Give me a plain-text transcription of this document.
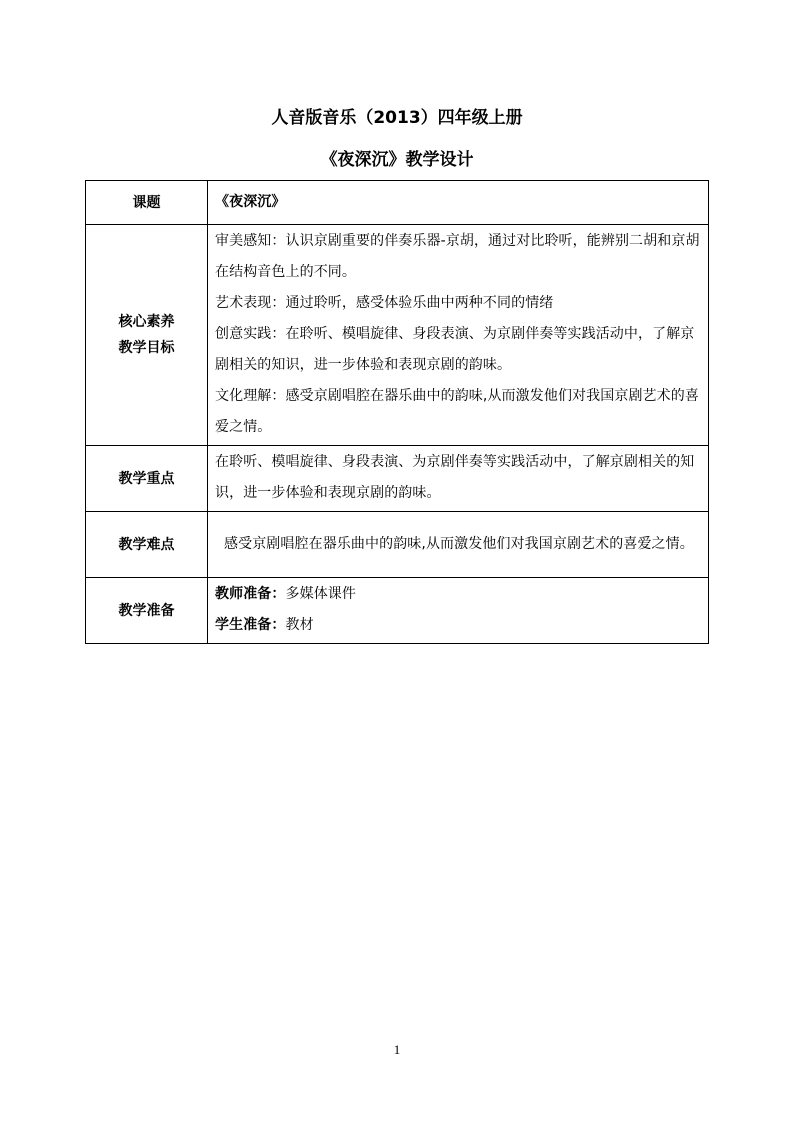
人音版音乐（2013）四年级上册
《夜深沉》教学设计
课题	《夜深沉》

核心素养
教学目标	审美感知：认识京剧重要的伴奏乐器-京胡，通过对比聆听，能辨别二胡和京胡在结构音色上的不同。
艺术表现：通过聆听，感受体验乐曲中两种不同的情绪
创意实践：在聆听、模唱旋律、身段表演、为京剧伴奏等实践活动中，了解京剧相关的知识，进一步体验和表现京剧的韵味。
文化理解：感受京剧唱腔在器乐曲中的韵味,从而激发他们对我国京剧艺术的喜爱之情。

教学重点	在聆听、模唱旋律、身段表演、为京剧伴奏等实践活动中，了解京剧相关的知识，进一步体验和表现京剧的韵味。
教学难点	感受京剧唱腔在器乐曲中的韵味,从而激发他们对我国京剧艺术的喜爱之情。
教学准备	教师准备：多媒体课件
学生准备：教材
1
